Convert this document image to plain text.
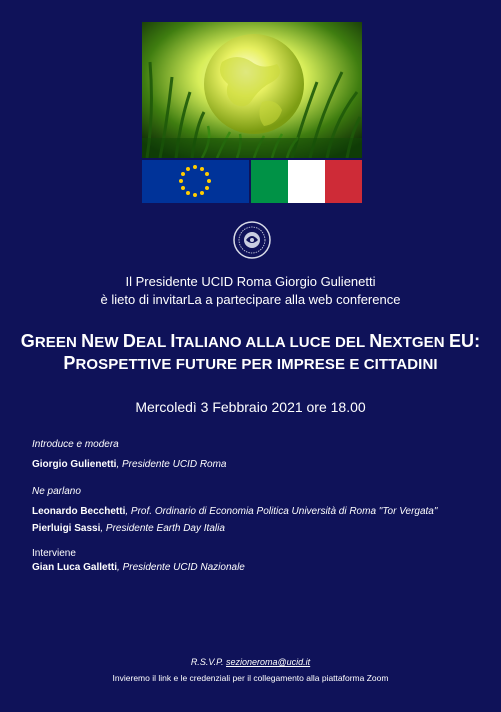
Il Presidente UCID Roma Giorgio Gulienetti
è lieto di invitarLa a partecipare alla web conference
GREEN NEW DEAL ITALIANO ALLA LUCE DEL NEXTGEN EU:
PROSPETTIVE FUTURE PER IMPRESE E CITTADINI
Mercoledì 3 Febbraio 2021 ore 18.00
Introduce e modera
Giorgio Gulienetti, Presidente UCID Roma
Ne parlano
Leonardo Becchetti, Prof. Ordinario di Economia Politica Università di Roma "Tor Vergata"
Pierluigi Sassi, Presidente Earth Day Italia
Interviene
Gian Luca Galletti, Presidente UCID Nazionale
R.S.V.P. sezioneroma@ucid.it
Invieremo il link e le credenziali per il collegamento alla piattaforma Zoom
